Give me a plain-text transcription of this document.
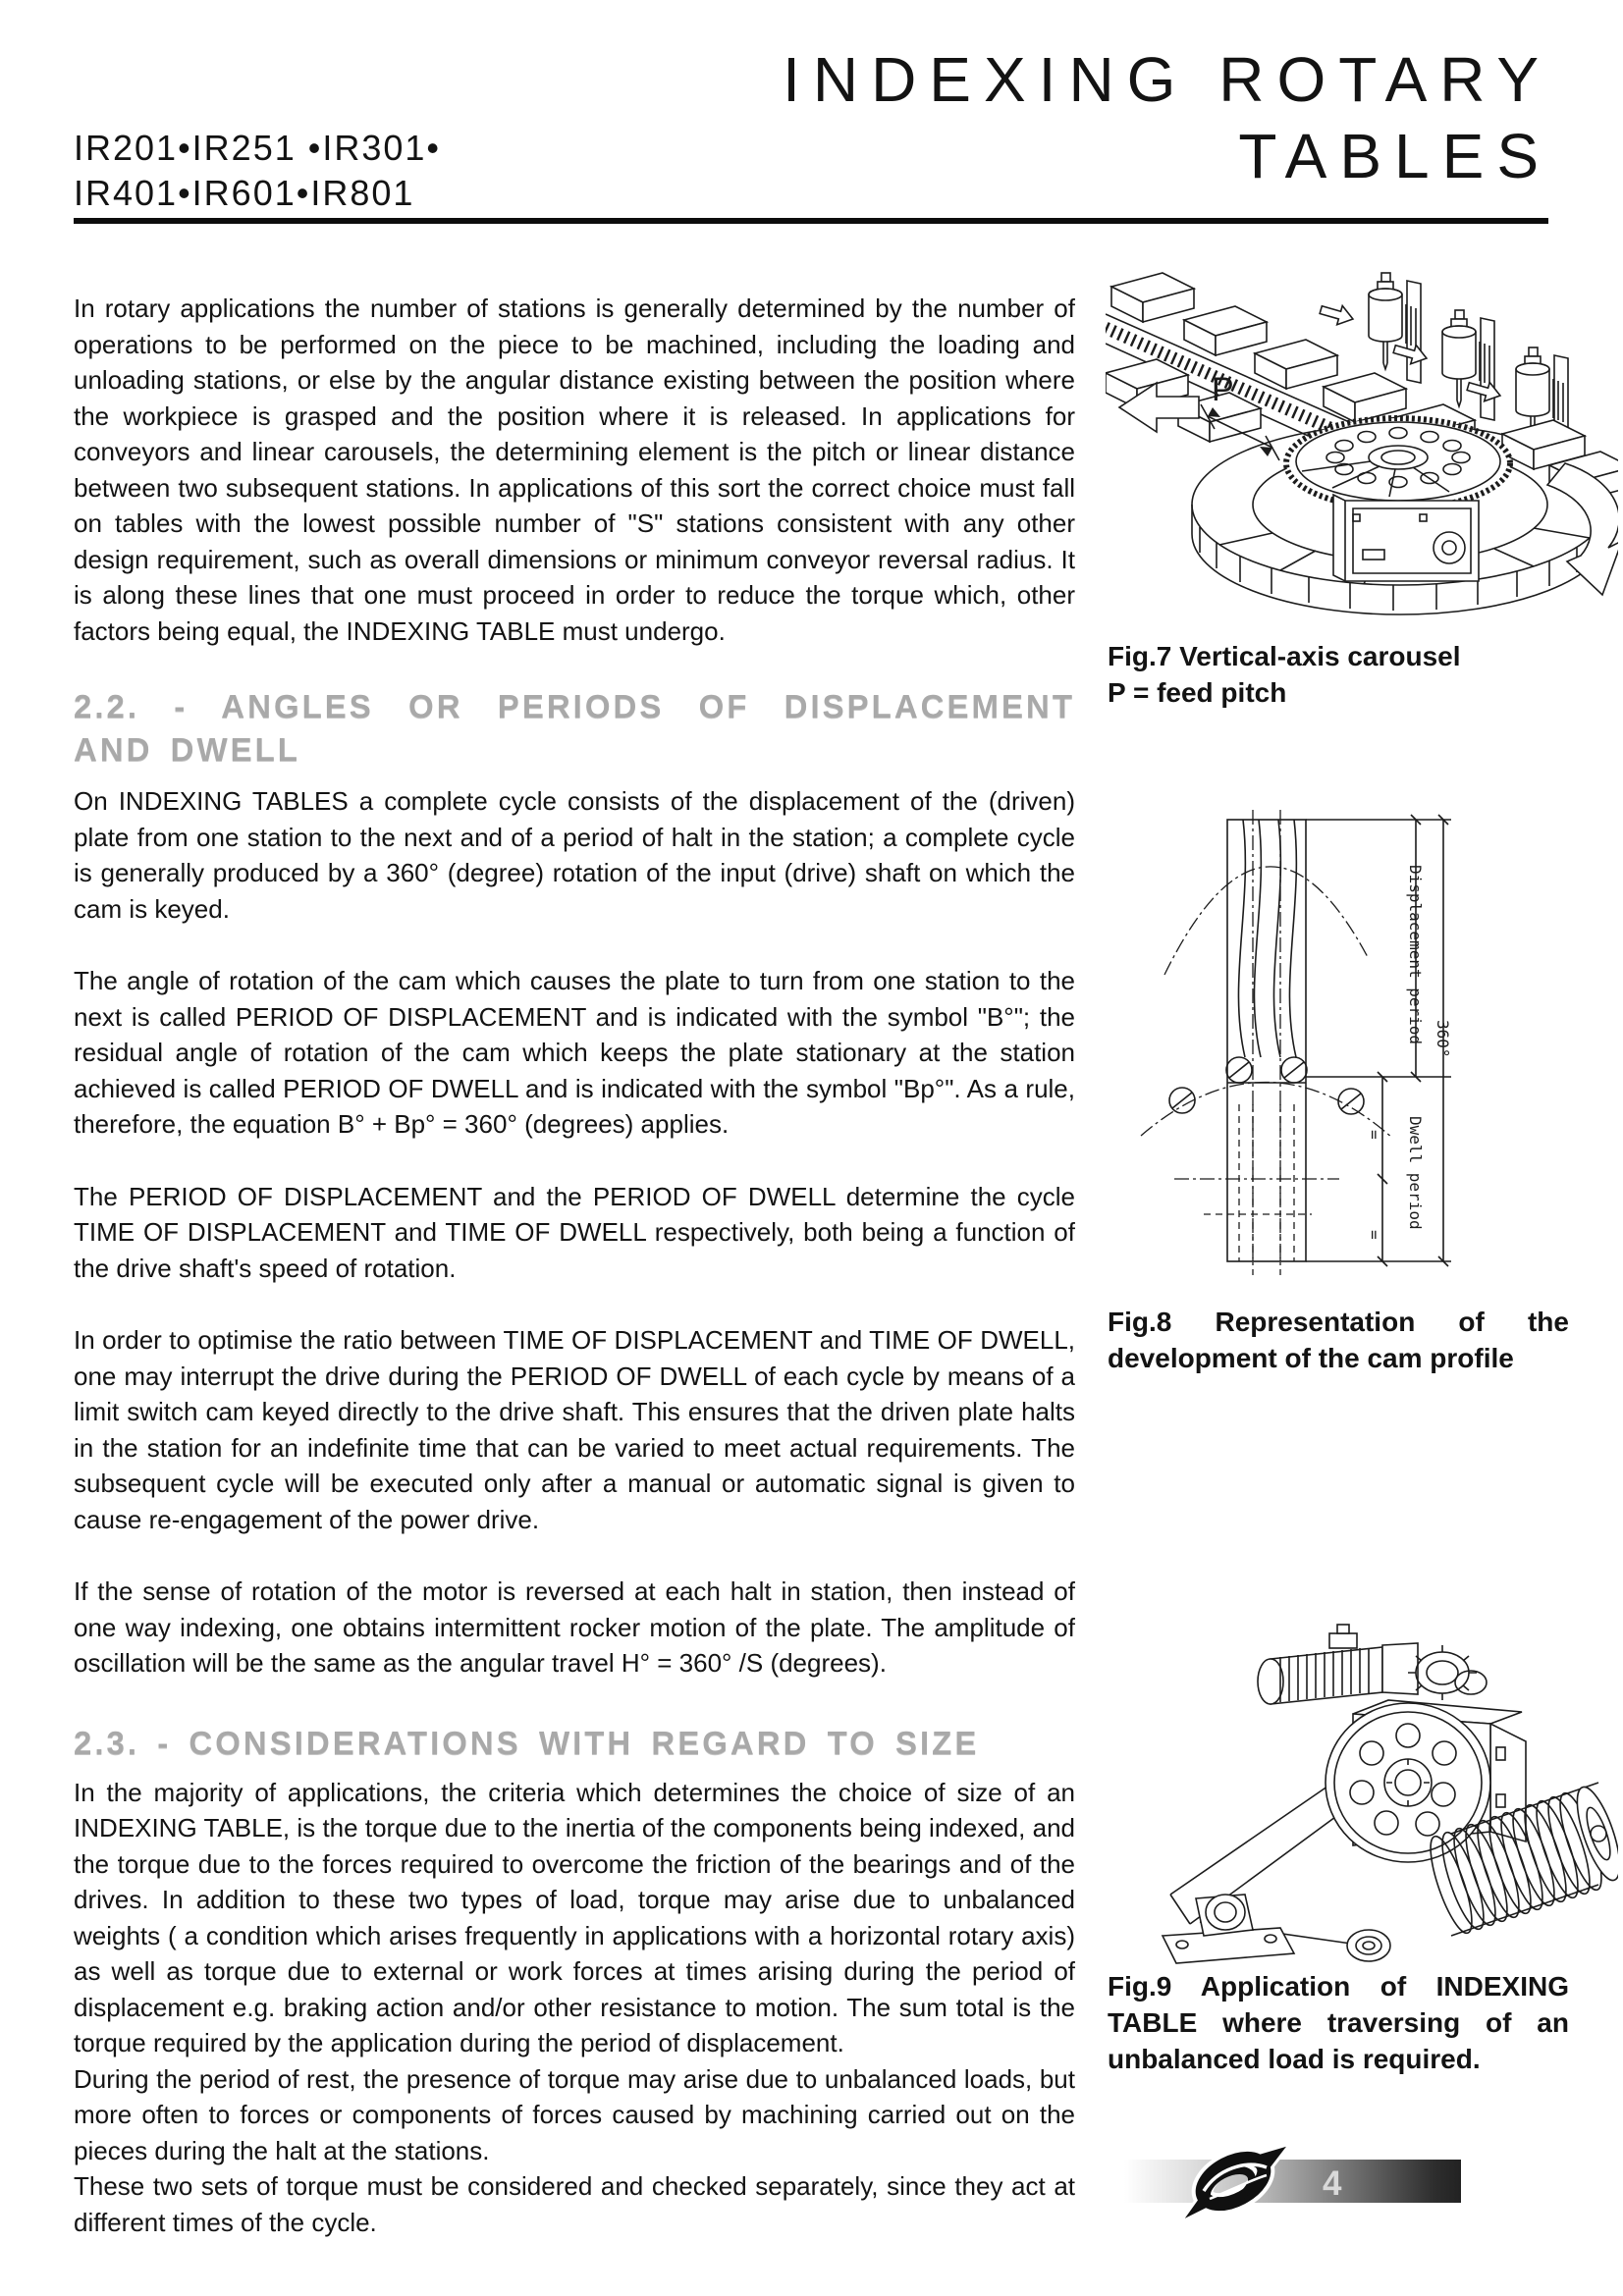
IR201•IR251 •IR301•
IR401•IR601•IR801
INDEXING ROTARY
TABLES

In rotary applications the number of stations is generally determined by the number of operations to be performed on the piece to be machined, including the loading and unloading stations, or else by the angular distance existing between the position where the workpiece is grasped and the position where it is released. In applications for conveyors and linear carousels, the determining element is the pitch or linear distance between two subsequent stations. In applications of this sort the correct choice must fall on tables with the lowest possible number of "S" stations consistent with any other design requirement, such as overall dimensions or minimum conveyor reversal radius. It is along these lines that one must proceed in order to reduce the torque which, other factors being equal, the INDEXING TABLE must undergo.

2.2. - ANGLES OR PERIODS OF DISPLACEMENT
AND DWELL

On INDEXING TABLES a complete cycle consists of the displacement of the (driven) plate from one station to the next and of a period of halt in the station; a complete cycle is generally produced by a 360° (degree) rotation of the input (drive) shaft on which the cam is keyed.

The angle of rotation of the cam which causes the plate to turn from one station to the next is called PERIOD OF DISPLACEMENT and is indicated with the symbol "B°"; the residual angle of rotation of the cam which keeps the plate stationary at the station achieved is called PERIOD OF DWELL and is indicated with the symbol "Bp°". As a rule, therefore, the equation B° + Bp° = 360° (degrees) applies.

The PERIOD OF DISPLACEMENT and the PERIOD OF DWELL determine the cycle TIME OF DISPLACEMENT and TIME OF DWELL respectively, both being a function of the drive shaft's speed of rotation.

In order to optimise the ratio between TIME OF DISPLACEMENT and TIME OF DWELL, one may interrupt the drive during the PERIOD OF DWELL of each cycle by means of a limit switch cam keyed directly to the drive shaft. This ensures that the driven plate halts in the station for an indefinite time that can be varied to meet actual requirements. The subsequent cycle will be executed only after a manual or automatic signal is given to cause re-engagement of the power drive.

If the sense of rotation of the motor is reversed at each halt in station, then instead of one way indexing, one obtains intermittent rocker motion of the plate. The amplitude of oscillation will be the same as the angular travel H° = 360° /S (degrees).

2.3. - CONSIDERATIONS WITH REGARD TO SIZE

In the majority of applications, the criteria which determines the choice of size of an INDEXING TABLE, is the torque due to the inertia of the components being indexed, and the torque due to the forces required to overcome the friction of the bearings and of the drives. In addition to these two types of load, torque may arise due to unbalanced weights ( a condition which arises frequently in applications with a horizontal rotary axis) as well as torque due to external or work forces at times arising during the period of displacement e.g. braking action and/or other resistance to motion. The sum total is the torque required by the application during the period of displacement.

During the period of rest, the presence of torque may arise due to unbalanced loads, but more often to forces or components of forces caused by machining carried out on the pieces during the halt at the stations.

These two sets of torque must be considered and checked separately, since they act at different times of the cycle.

P
Fig.7 Vertical-axis carousel
P = feed pitch
Displacement period
Dwell period
360°
=
=
Fig.8 Representation of the
development of the cam profile
Fig.9 Application of INDEXING
TABLE where traversing of an
unbalanced load is required.
4
